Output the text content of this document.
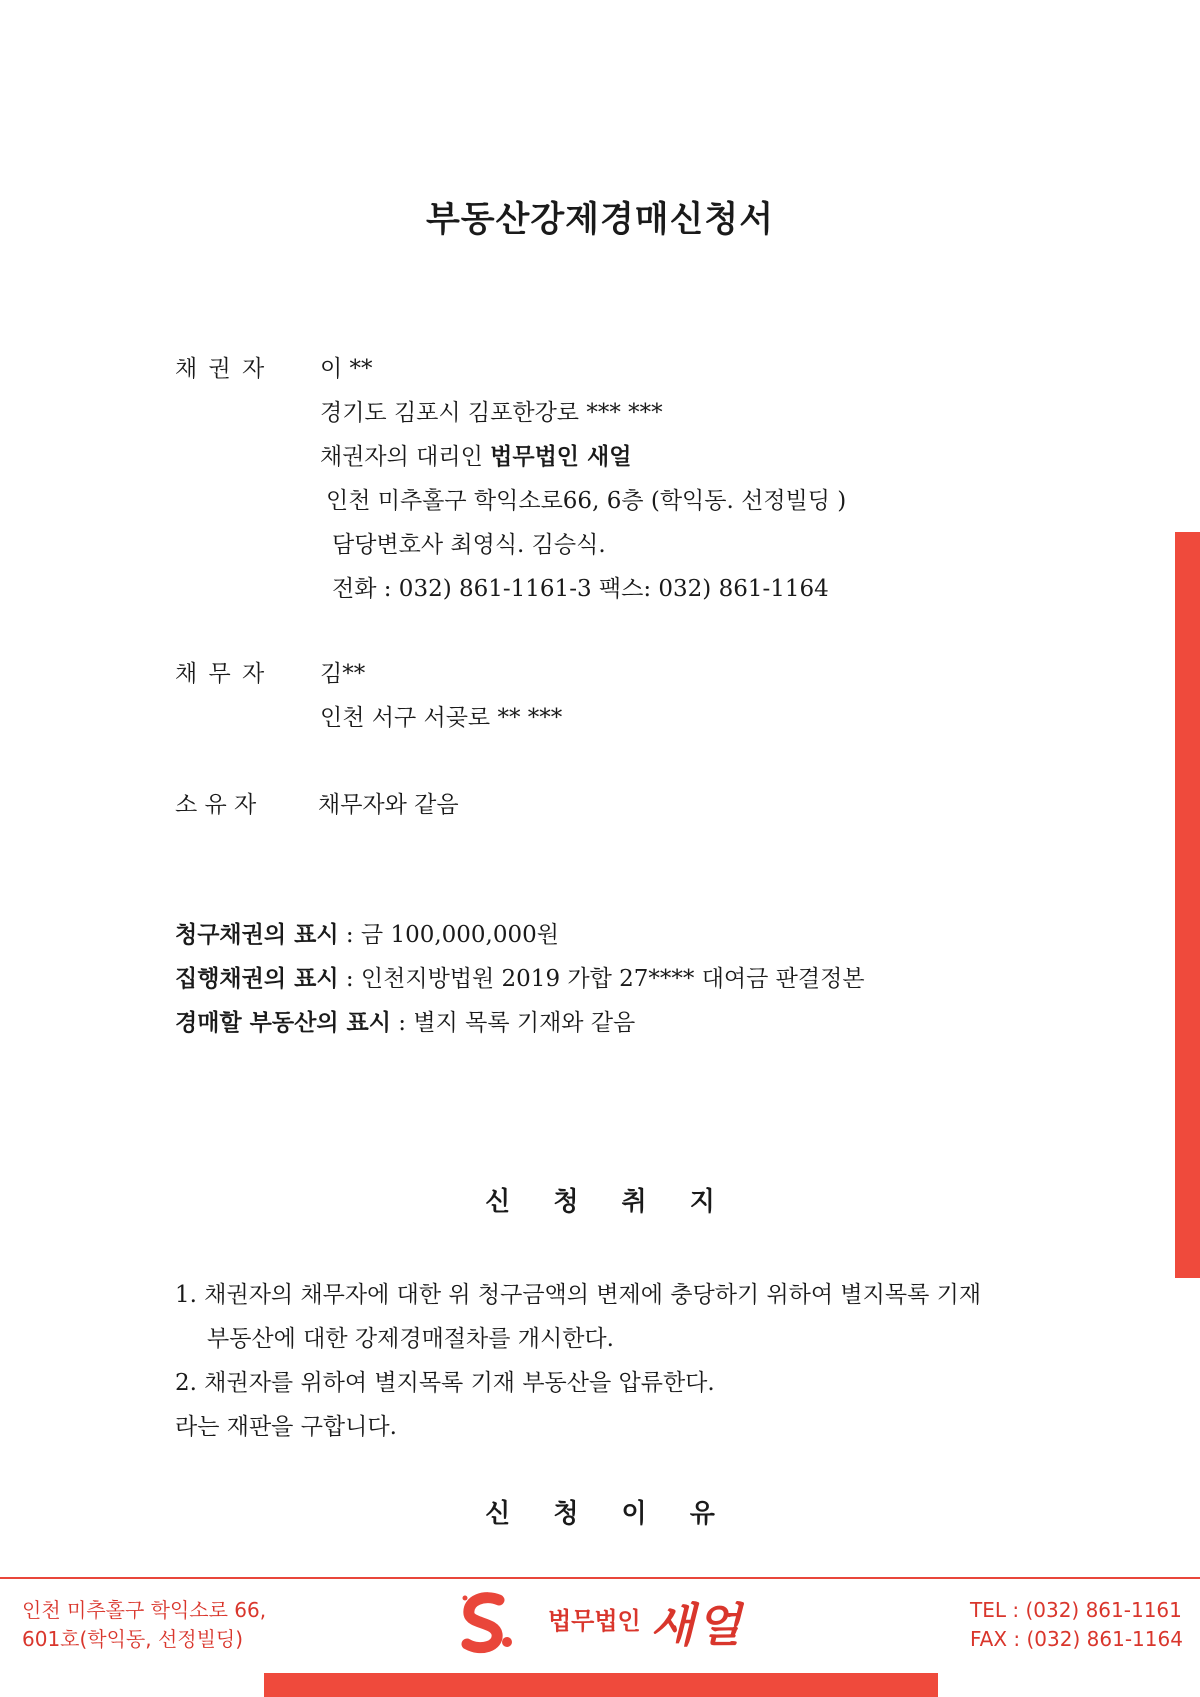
부동산강제경매신청서
채 권 자 이 **
경기도 김포시 김포한강로 *** ***
채권자의 대리인 법무법인 새얼
인천 미추홀구 학익소로66, 6층 (학익동. 선정빌딩 )
담당변호사 최영식. 김승식.
전화 : 032) 861-1161-3 팩스: 032) 861-1164
채 무 자 김**
인천 서구 서곶로 ** ***
소 유 자	채무자와 같음
청구채권의 표시 : 금 100,000,000원
집행채권의 표시 : 인천지방법원 2019 가합 27**** 대여금 판결정본
경매할 부동산의 표시 : 별지 목록 기재와 같음
신 청 취 지
1. 채권자의 채무자에 대한 위 청구금액의 변제에 충당하기 위하여 별지목록 기재
부동산에 대한 강제경매절차를 개시한다.
2. 채권자를 위하여 별지목록 기재 부동산을 압류한다.
라는 재판을 구합니다.
신 청 이 유
인천 미추홀구 학익소로 66,
601호(학익동, 선정빌딩)
법무법인 새얼	TEL : (032) 861-1161
FAX : (032) 861-1164
